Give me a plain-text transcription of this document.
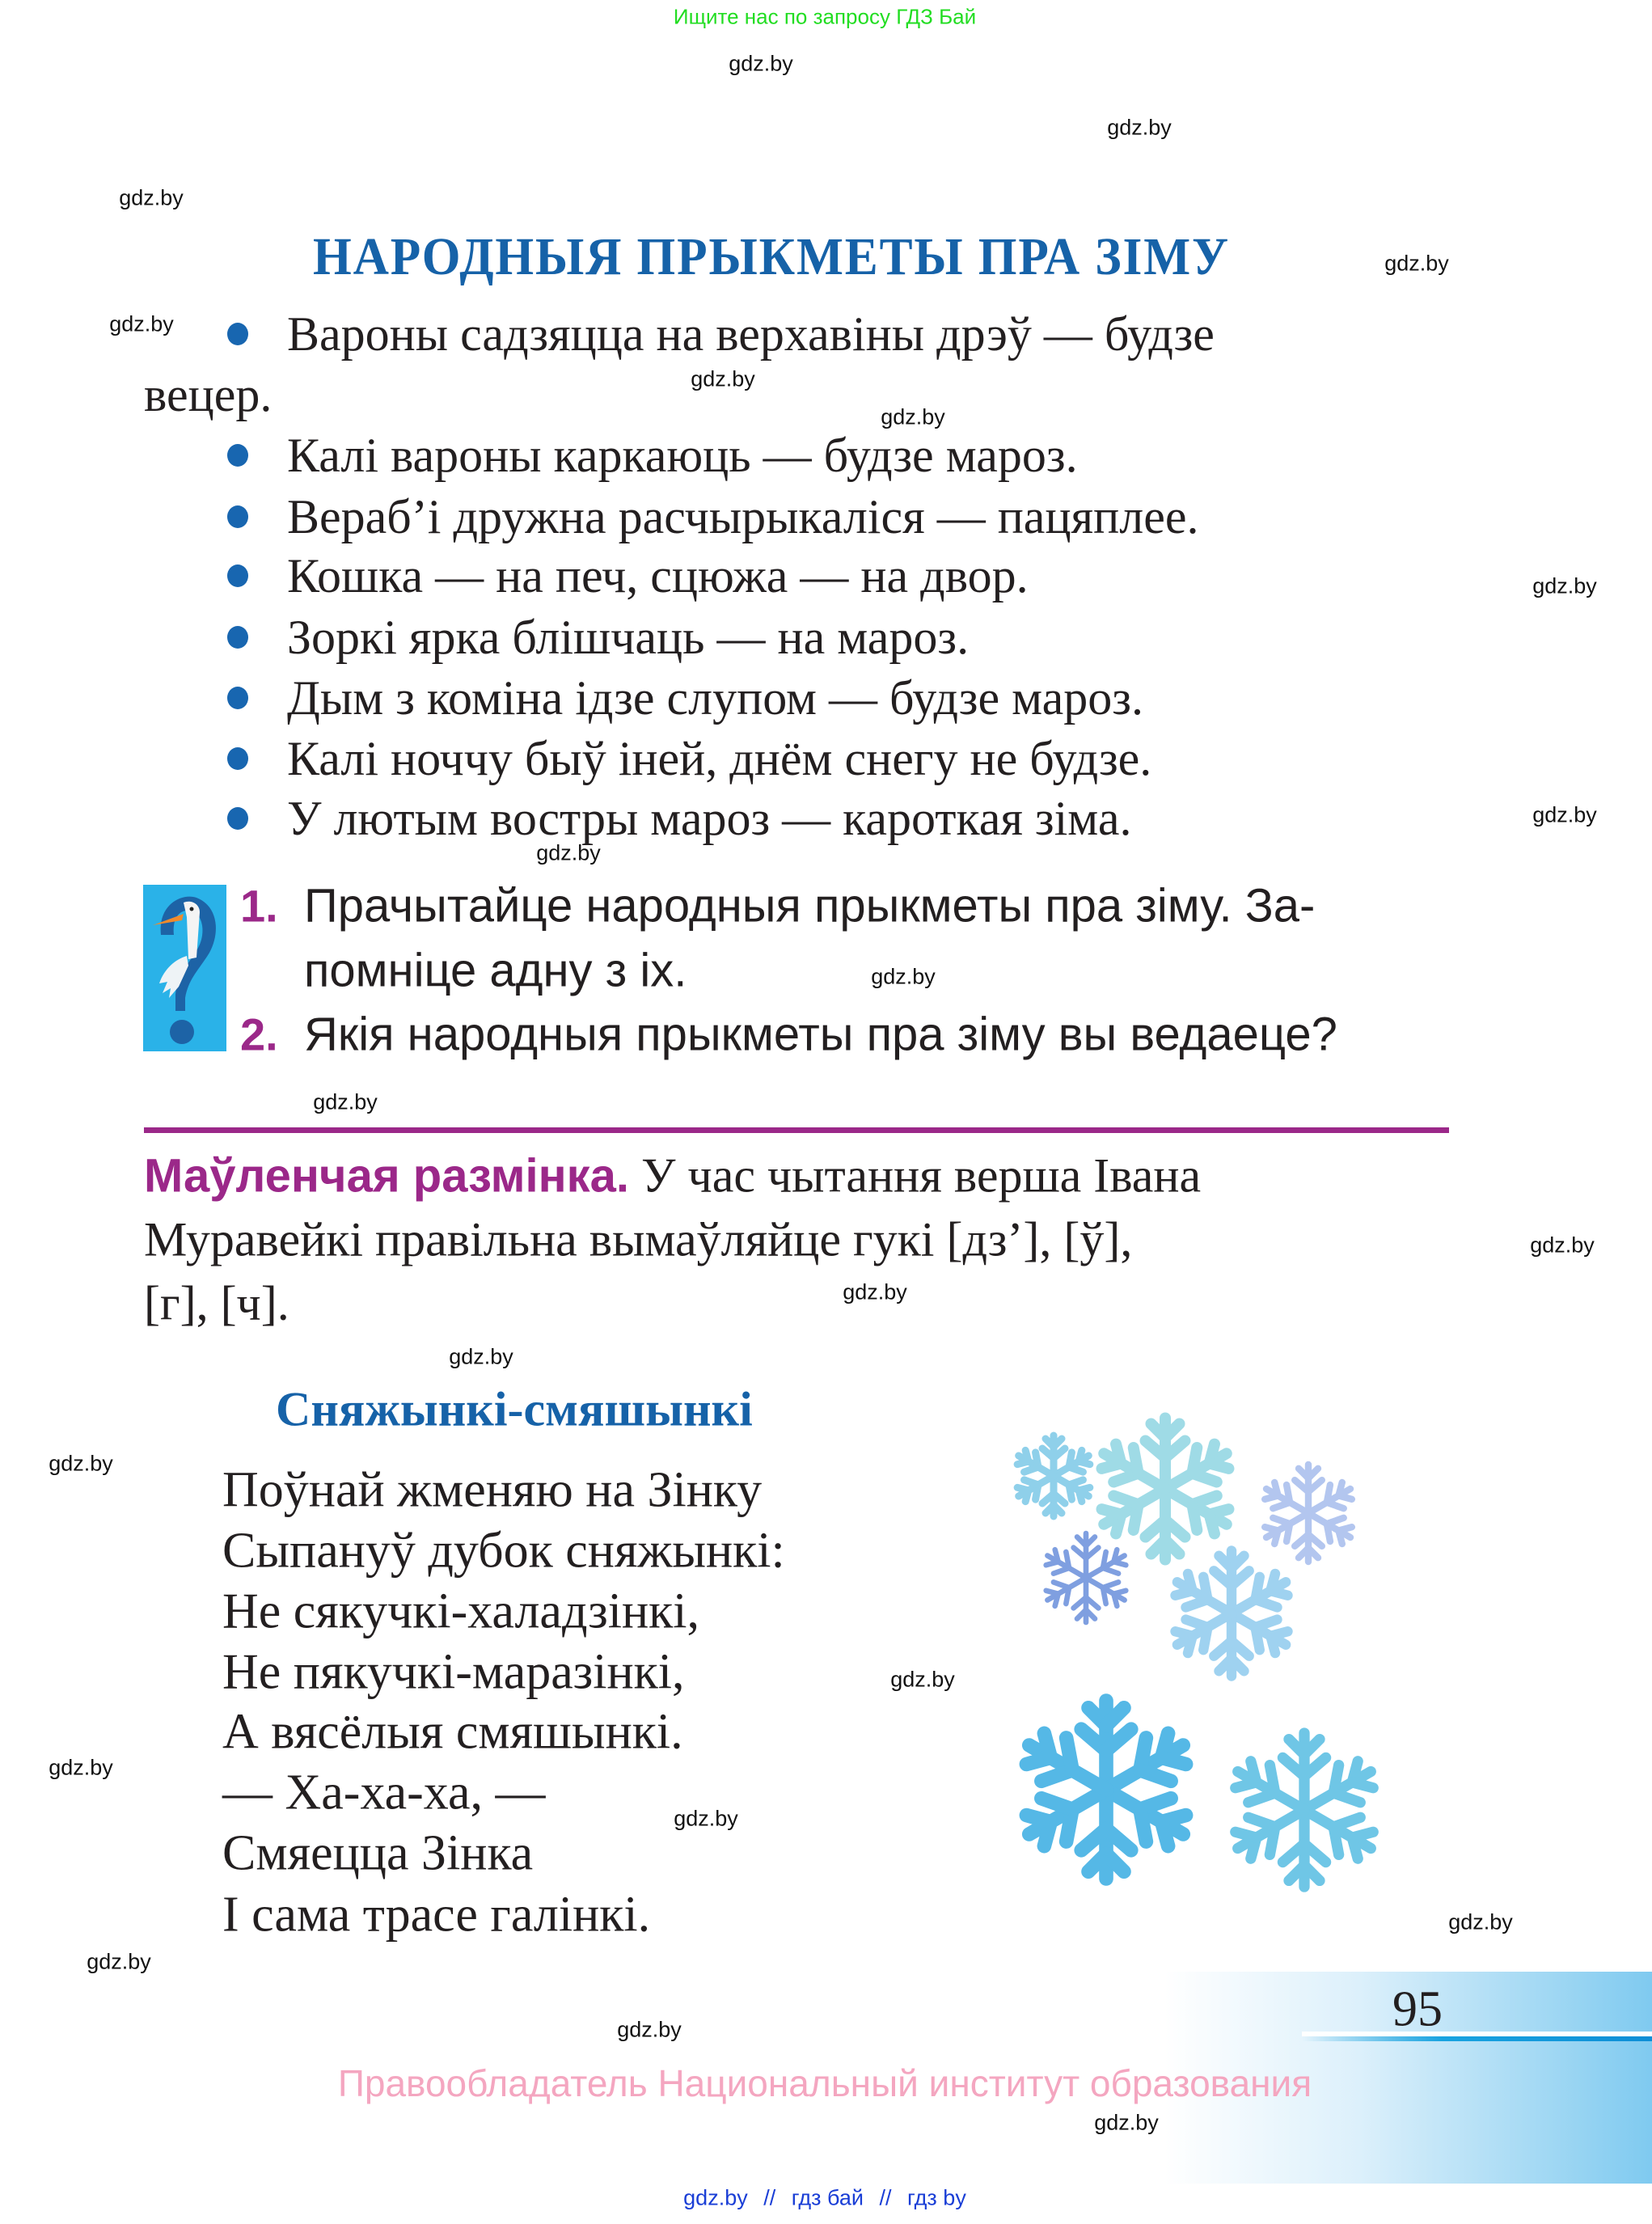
Ищите нас по запросу ГДЗ Бай
gdz.by
gdz.by
gdz.by
gdz.by
gdz.by
gdz.by
gdz.by
gdz.by
gdz.by
gdz.by
gdz.by
gdz.by
gdz.by
gdz.by
gdz.by
gdz.by
gdz.by
gdz.by
gdz.by
gdz.by
gdz.by
gdz.by
gdz.by
НАРОДНЫЯ ПРЫКМЕТЫ ПРА ЗІМУ
Вароны садзяцца на верхавіны дрэў — будзе
вецер.
Калі вароны каркаюць — будзе мароз.
Вераб’і дружна расчырыкаліся — пацяплее.
Кошка — на печ, сцюжа — на двор.
Зоркі ярка блішчаць — на мароз.
Дым з коміна ідзе слупом — будзе мароз.
Калі ноччу быў іней, днём снегу не будзе.
У лютым востры мароз — кароткая зіма.
1. Прачытайце народныя прыкметы пра зіму. За-
помніце адну з іх.
2. Якія народныя прыкметы пра зіму вы ведаеце?
Маўленчая размінка. У час чытання верша Івана
Муравейкі правільна вымаўляйце гукі [дз’], [ў],
[г], [ч].
Сняжынкі-смяшынкі
Поўнай жменяю на Зінку
Сыпануў дубок сняжынкі:
Не сякучкі-халадзінкі,
Не пякучкі-маразінкі,
А вясёлыя смяшынкі.
— Ха-ха-ха, —
Смяецца Зінка
І сама трасе галінкі.
95
Правообладатель Национальный институт образования
gdz.by // гдз бай // гдз by
